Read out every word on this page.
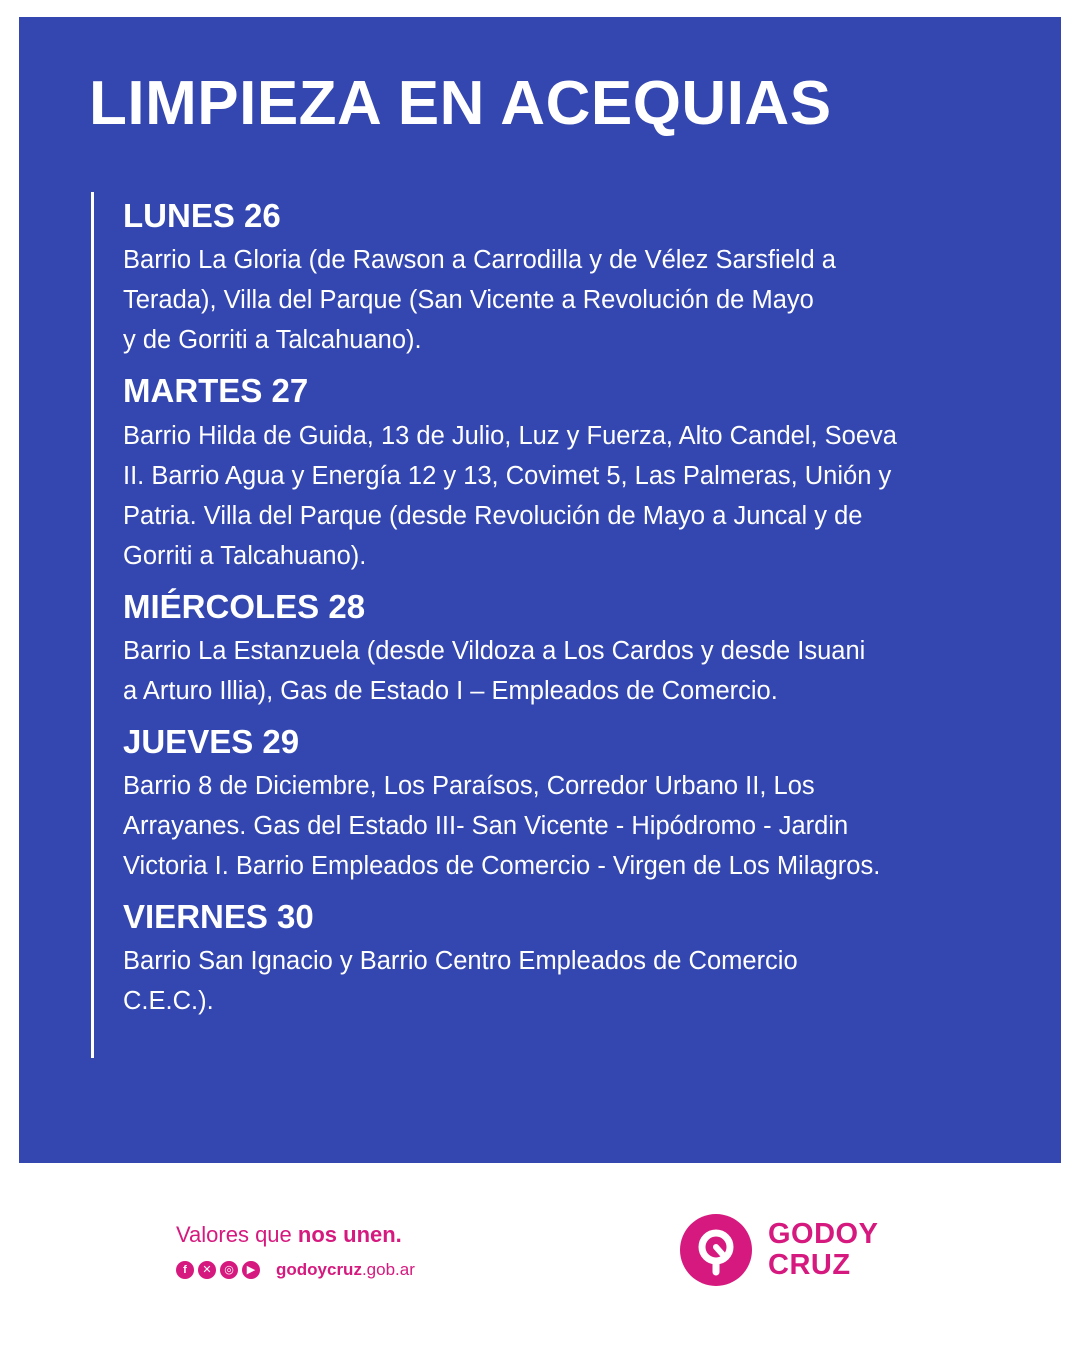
LIMPIEZA EN ACEQUIAS
LUNES 26

Barrio La Gloria (de Rawson a Carrodilla y de Vélez Sarsfield a
Terada), Villa del Parque (San Vicente a Revolución de Mayo
y de Gorriti a Talcahuano).

MARTES 27

Barrio Hilda de Guida, 13 de Julio, Luz y Fuerza, Alto Candel, Soeva
II. Barrio Agua y Energía 12 y 13, Covimet 5, Las Palmeras, Unión y
Patria. Villa del Parque (desde Revolución de Mayo a Juncal y de
Gorriti a Talcahuano).

MIÉRCOLES 28

Barrio La Estanzuela (desde Vildoza a Los Cardos y desde Isuani
a Arturo Illia), Gas de Estado I – Empleados de Comercio.

JUEVES 29

Barrio 8 de Diciembre, Los Paraísos, Corredor Urbano II, Los
Arrayanes. Gas del Estado III- San Vicente - Hipódromo - Jardin
Victoria I. Barrio Empleados de Comercio - Virgen de Los Milagros.

VIERNES 30

Barrio San Ignacio y Barrio Centro Empleados de Comercio
C.E.C.).

Valores que nos unen.
f	✕	◎	▶ godoycruz.gob.ar
GODOY
CRUZ
